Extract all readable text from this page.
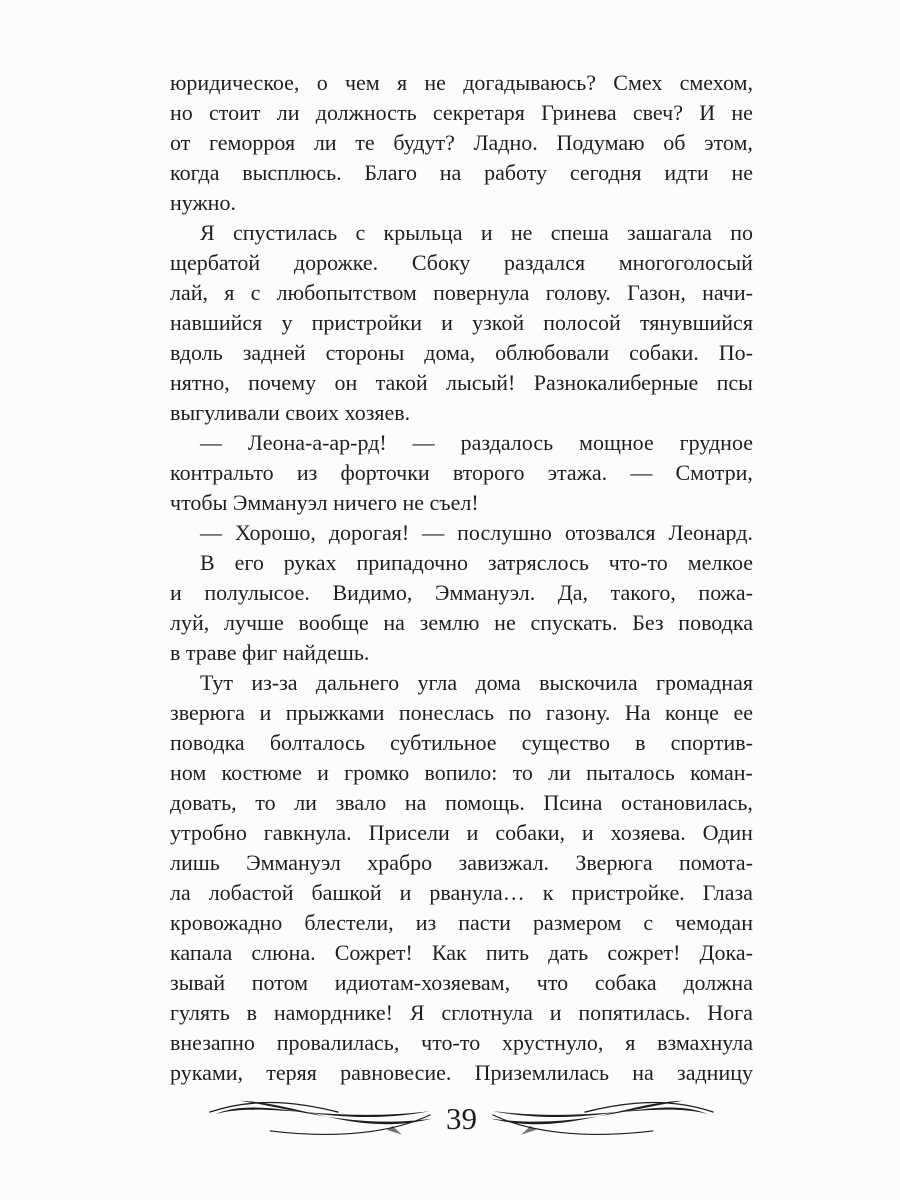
юридическое, о чем я не догадываюсь? Смех смехом,
но стоит ли должность секретаря Гринева свеч? И не
от геморроя ли те будут? Ладно. Подумаю об этом,
когда высплюсь. Благо на работу сегодня идти не
нужно.
Я спустилась с крыльца и не спеша зашагала по
щербатой дорожке. Сбоку раздался многоголосый
лай, я с любопытством повернула голову. Газон, начи-
навшийся у пристройки и узкой полосой тянувшийся
вдоль задней стороны дома, облюбовали собаки. По-
нятно, почему он такой лысый! Разнокалиберные псы
выгуливали своих хозяев.
— Леона-а-ар-рд! — раздалось мощное грудное
контральто из форточки второго этажа. — Смотри,
чтобы Эммануэл ничего не съел!
— Хорошо, дорогая! — послушно отозвался Леонард.
В его руках припадочно затряслось что-то мелкое
и полулысое. Видимо, Эммануэл. Да, такого, пожа-
луй, лучше вообще на землю не спускать. Без поводка
в траве фиг найдешь.
Тут из-за дальнего угла дома выскочила громадная
зверюга и прыжками понеслась по газону. На конце ее
поводка болталось субтильное существо в спортив-
ном костюме и громко вопило: то ли пыталось коман-
довать, то ли звало на помощь. Псина остановилась,
утробно гавкнула. Присели и собаки, и хозяева. Один
лишь Эммануэл храбро завизжал. Зверюга помота-
ла лобастой башкой и рванула… к пристройке. Глаза
кровожадно блестели, из пасти размером с чемодан
капала слюна. Сожрет! Как пить дать сожрет! Дока-
зывай потом идиотам-хозяевам, что собака должна
гулять в наморднике! Я сглотнула и попятилась. Нога
внезапно провалилась, что-то хрустнуло, я взмахнула
руками, теряя равновесие. Приземлилась на задницу
39
